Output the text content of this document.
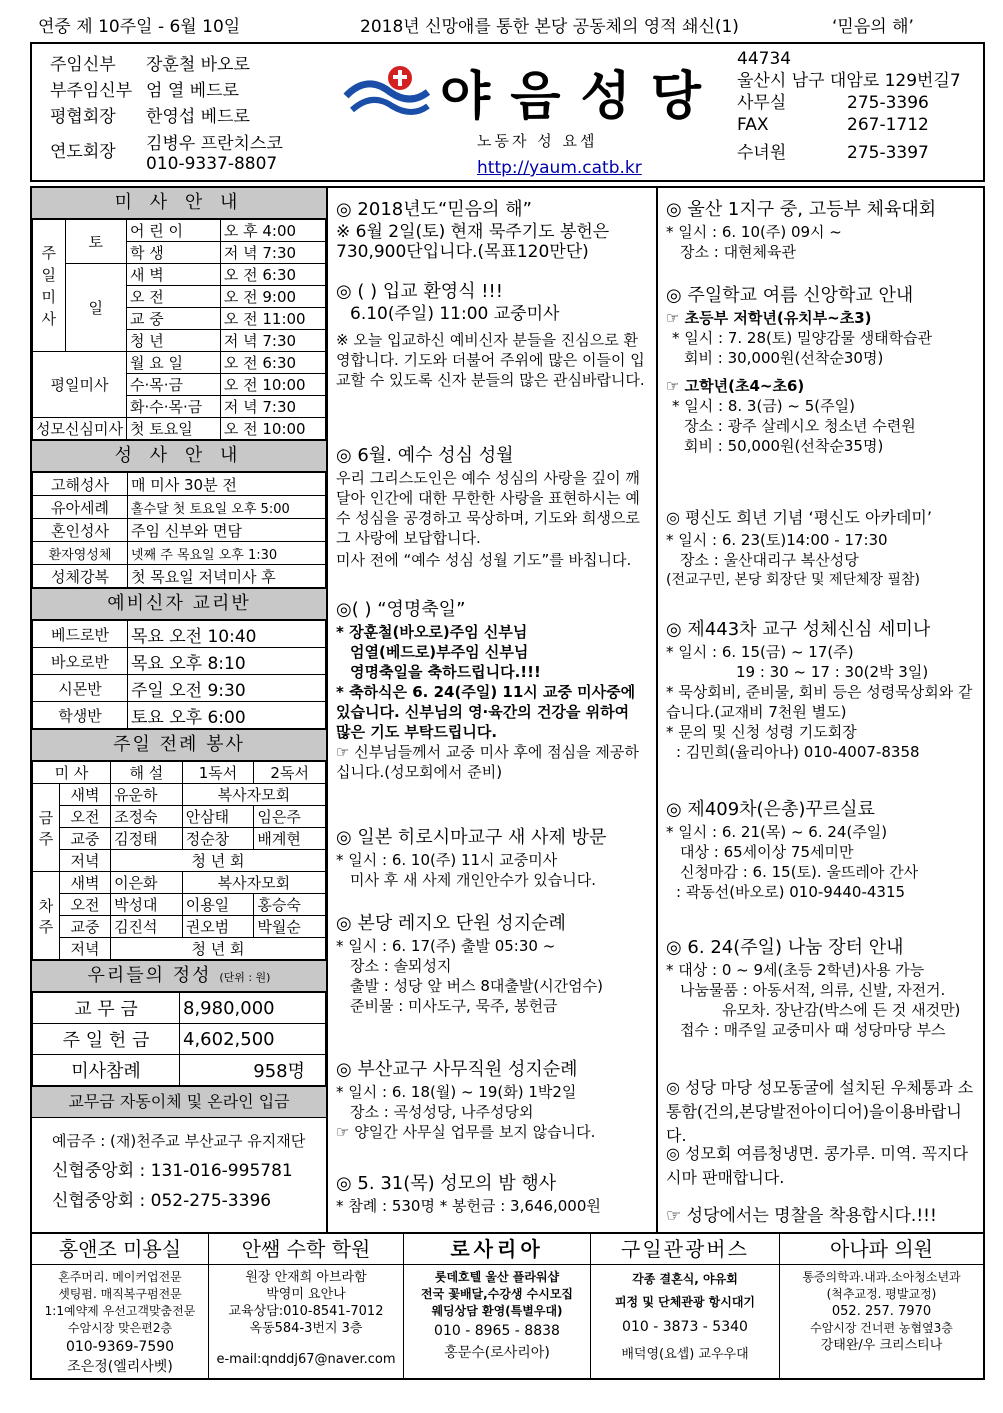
연중 제 10주일 - 6월 10일	2018년 신망애를 통한 본당 공동체의 영적 쇄신(1)	‘믿음의 해’
주임신부	장훈철 바오로
부주임신부 엄 열 베드로
평협회장	한영섭 베드로
연도회장	김병우 프란치스코
010-9337-8807
야음성당
노동자 성 요셉
http://yaum.catb.kr
44734
울산시 남구 대암로 129번길7
사무실	275-3396
FAX	267-1712
수녀원	275-3397
미 사 안 내
주일미사	토	어 린 이	오 후 4:00
		학 생	저 녁 7:30
	일	새 벽	오 전 6:30
		오 전	오 전 9:00
		교 중	오 전 11:00
		청 년	저 녁 7:30
평일미사		월 요 일	오 전 6:30
		수·목·금	오 전 10:00
		화·수·목·금	저 녁 7:30
성모신심미사		첫 토요일	오 전 10:00
성 사 안 내
고해성사	매 미사 30분 전
유아세례	홀수달 첫 토요일 오후 5:00
혼인성사	주임 신부와 면담
환자영성체	넷째 주 목요일 오후 1:30
성체강복	첫 목요일 저녁미사 후
예비신자 교리반
베드로반	목요 오전 10:40
바오로반	목요 오후 8:10
시몬반	주일 오전 9:30
학생반	토요 오후 6:00
주일 전례 봉사
미 사		해 설	1독서	2독서
금 주	새벽	유운하	복사자모회	
	오전	조정숙	안삼태	임은주
	교중	김정태	정순창	배계현
	저녁	청 년 회		
차 주	새벽	이은화	복사자모회	
	오전	박성대	이용일	홍승숙
	교중	김진석	권오범	박월순
	저녁	청 년 회		
우리들의 정성 (단위 : 원)
교 무 금	8,980,000
주 일 헌 금	4,602,500
미사참례	958명
교무금 자동이체 및 온라인 입금
예금주 : (재)천주교 부산교구 유지재단
신협중앙회 : 131-016-995781
신협중앙회 : 052-275-3396
◎ 2018년도“믿음의 해”

※ 6월 2일(토) 현재 묵주기도 봉헌은730,900단입니다.(목표120만단)

◎ ( ) 입교 환영식 !!!

6.10(주일) 11:00 교중미사

※ 오늘 입교하신 예비신자 분들을 진심으로 환영합니다. 기도와 더불어 주위에 많은 이들이 입교할 수 있도록 신자 분들의 많은 관심바랍니다.

◎ 6월. 예수 성심 성월

우리 그리스도인은 예수 성심의 사랑을 깊이 깨달아 인간에 대한 무한한 사랑을 표현하시는 예수 성심을 공경하고 묵상하며, 기도와 희생으로 그 사랑에 보답합니다.

미사 전에 “예수 성심 성월 기도”를 바칩니다.

◎( ) “영명축일”

* 장훈철(바오로)주임 신부님

엄열(베드로)부주임 신부님

영명축일을 축하드립니다.!!!

* 축하식은 6. 24(주일) 11시 교중 미사중에 있습니다. 신부님의 영·육간의 건강을 위하여 많은 기도 부탁드립니다.

☞ 신부님들께서 교중 미사 후에 점심을 제공하십니다.(성모회에서 준비)

◎ 일본 히로시마교구 새 사제 방문

* 일시 : 6. 10(주) 11시 교중미사

미사 후 새 사제 개인안수가 있습니다.

◎ 본당 레지오 단원 성지순례

* 일시 : 6. 17(주) 출발 05:30 ~

장소 : 솔뫼성지

출발 : 성당 앞 버스 8대출발(시간엄수)

준비물 : 미사도구, 묵주, 봉헌금

◎ 부산교구 사무직원 성지순례

* 일시 : 6. 18(월) ~ 19(화) 1박2일

장소 : 곡성성당, 나주성당외

☞ 양일간 사무실 업무를 보지 않습니다.

◎ 5. 31(목) 성모의 밤 행사

* 참례 : 530명 * 봉헌금 : 3,646,000원

◎ 울산 1지구 중, 고등부 체육대회

* 일시 : 6. 10(주) 09시 ~

장소 : 대현체육관

◎ 주일학교 여름 신앙학교 안내

☞ 초등부 저학년(유치부~초3)

* 일시 : 7. 28(토) 밀양감물 생태학습관

회비 : 30,000원(선착순30명)

☞ 고학년(초4~초6)

* 일시 : 8. 3(금) ~ 5(주일)

장소 : 광주 살레시오 청소년 수련원

회비 : 50,000원(선착순35명)

◎ 평신도 희년 기념 ‘평신도 아카데미’

* 일시 : 6. 23(토)14:00 - 17:30

장소 : 울산대리구 복산성당

(전교구민, 본당 회장단 및 제단체장 필참)

◎ 제443차 교구 성체신심 세미나

* 일시 : 6. 15(금) ~ 17(주)

19 : 30 ~ 17 : 30(2박 3일)

* 묵상회비, 준비물, 회비 등은 성령묵상회와 같습니다.(교재비 7천원 별도)

* 문의 및 신청 성령 기도회장

: 김민희(율리아나) 010-4007-8358

◎ 제409차(은총)꾸르실료

* 일시 : 6. 21(목) ~ 6. 24(주일)

대상 : 65세이상 75세미만

신청마감 : 6. 15(토). 울뜨레아 간사

: 곽동선(바오로) 010-9440-4315

◎ 6. 24(주일) 나눔 장터 안내

* 대상 : 0 ~ 9세(초등 2학년)사용 가능

나눔물품 : 아동서적, 의류, 신발, 자전거.

유모차. 장난감(박스에 든 것 새것만)

접수 : 매주일 교중미사 때 성당마당 부스

◎ 성당 마당 성모동굴에 설치된 우체통과 소통함(건의,본당발전아이디어)을이용바랍니다.
◎ 성모회 여름청냉면. 콩가루. 미역. 꼭지다시마 판매합니다.
☞ 성당에서는 명찰을 착용합시다.!!!
홍앤조 미용실
혼주머리. 메이커업전문
셋팅펌. 매직복구펌전문
1:1예약제 우선고객맞춤전문
수암시장 맞은편2층
010-9369-7590
조은정(엘리사벳)
안쌤 수학 학원
원장 안재희 아브라함
박영미 요안나
교육상담:010-8541-7012
옥동584-3번지 3층
e-mail:qnddj67@naver.com
로사리아
롯데호텔 울산 플라워샵
전국 꽃배달,수강생 수시모집
웨딩상담 환영(특별우대)
010 - 8965 - 8838
홍문수(로사리아)
구일관광버스
각종 결혼식, 야유회
피정 및 단체관광 항시대기
010 - 3873 - 5340
배덕영(요셉) 교우우대
아나파 의원
통증의학과.내과.소아청소년과
(척추교정. 평발교정)
052. 257. 7970
수암시장 건너편 농협옆3층
강태완/우 크리스티나
